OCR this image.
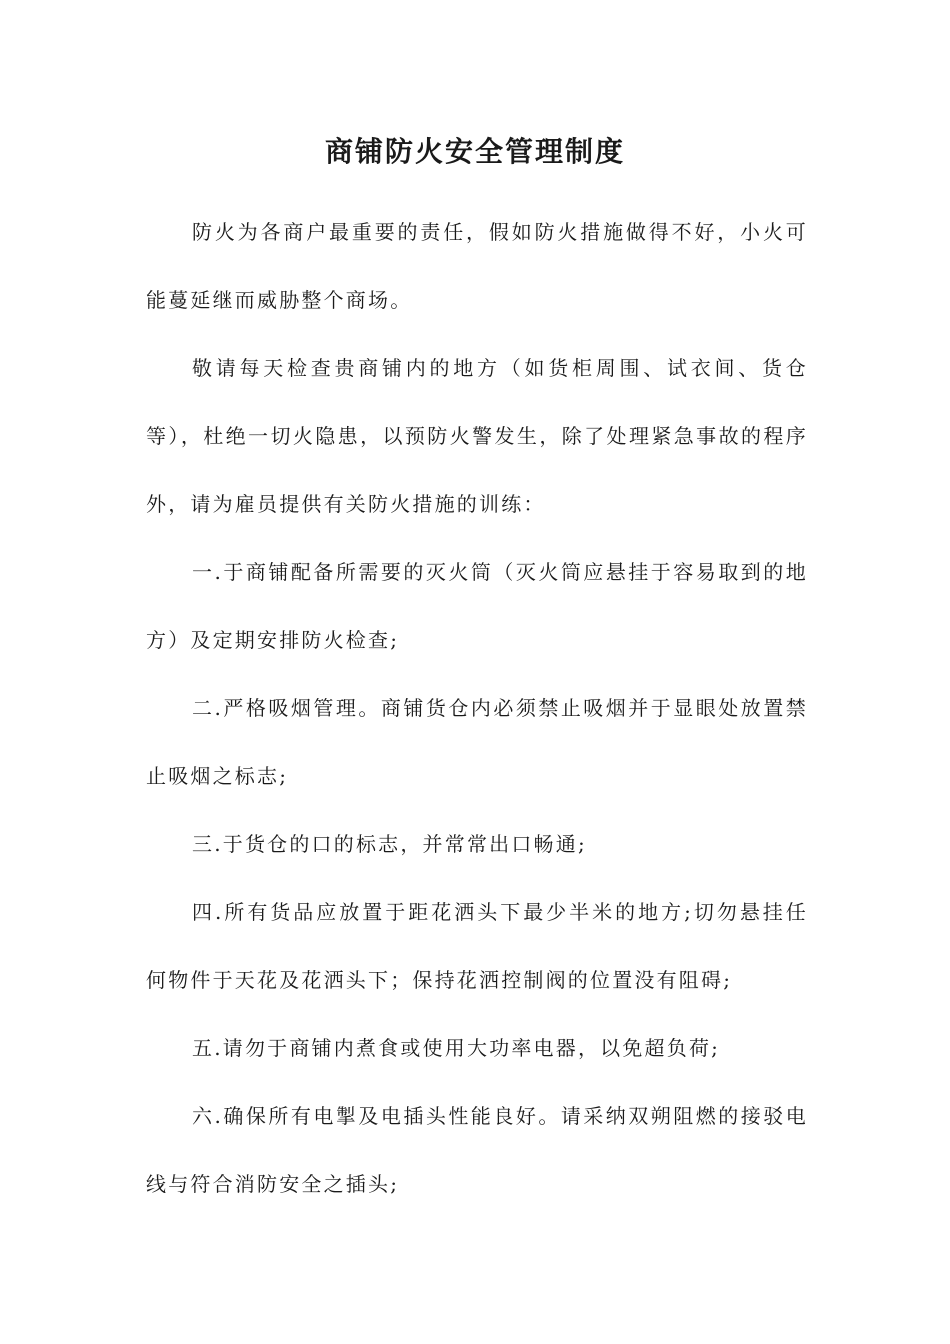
商铺防火安全管理制度

防火为各商户最重要的责任，假如防火措施做得不好，小火可能蔓延继而威胁整个商场。

敬请每天检查贵商铺内的地方（如货柜周围、试衣间、货仓等），杜绝一切火隐患，以预防火警发生，除了处理紧急事故的程序外，请为雇员提供有关防火措施的训练：

一.于商铺配备所需要的灭火筒（灭火筒应悬挂于容易取到的地方）及定期安排防火检查;

二.严格吸烟管理。商铺货仓内必须禁止吸烟并于显眼处放置禁止吸烟之标志;

三.于货仓的口的标志，并常常出口畅通;

四.所有货品应放置于距花洒头下最少半米的地方;切勿悬挂任何物件于天花及花洒头下；保持花洒控制阀的位置没有阻碍;

五.请勿于商铺内煮食或使用大功率电器，以免超负荷;

六.确保所有电掣及电插头性能良好。请采纳双朔阻燃的接驳电线与符合消防安全之插头;
